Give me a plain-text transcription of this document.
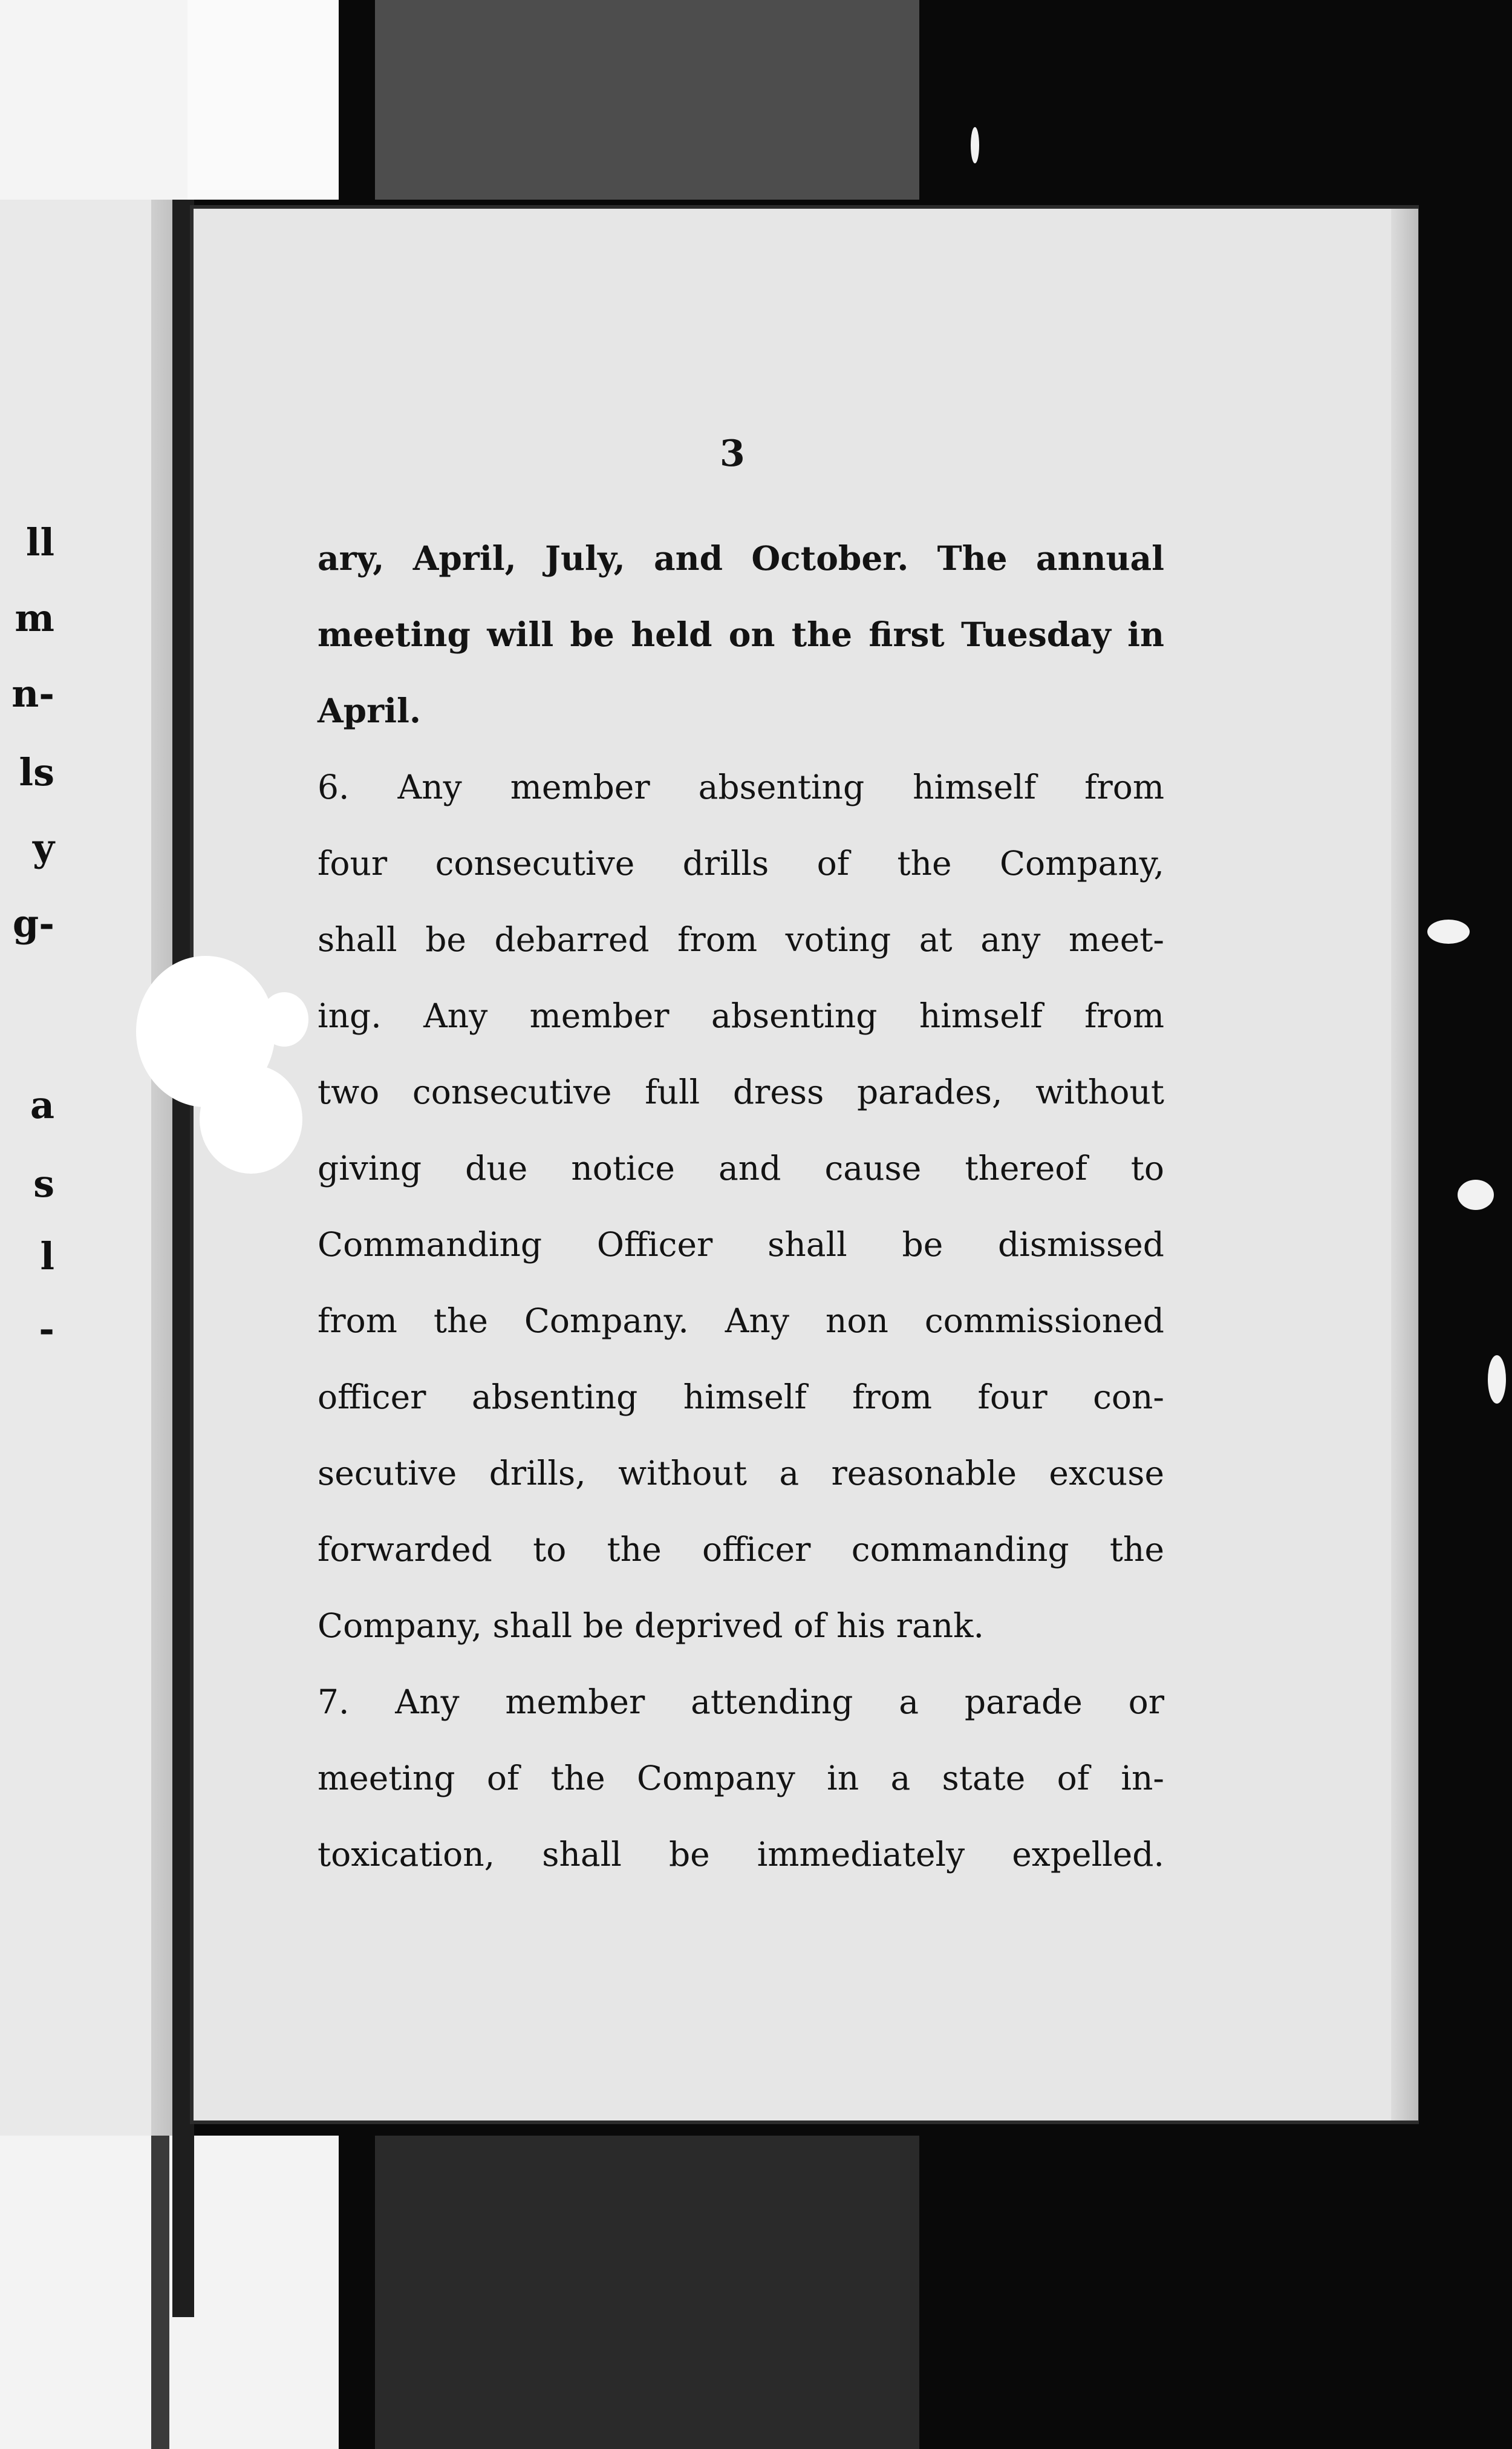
ll
m
n-
ls
y
g-
a
s
l
-
3
ary, April, July, and October. The annual
meeting will be held on the first Tuesday in
April.
6. Any member absenting himself from
four consecutive drills of the Company,
shall be debarred from voting at any meet-
ing. Any member absenting himself from
two consecutive full dress parades, without
giving due notice and cause thereof to
Commanding Officer shall be dismissed
from the Company. Any non commissioned
officer absenting himself from four con-
secutive drills, without a reasonable excuse
forwarded to the officer commanding the
Company, shall be deprived of his rank.
7. Any member attending a parade or
meeting of the Company in a state of in-
toxication, shall be immediately expelled.
